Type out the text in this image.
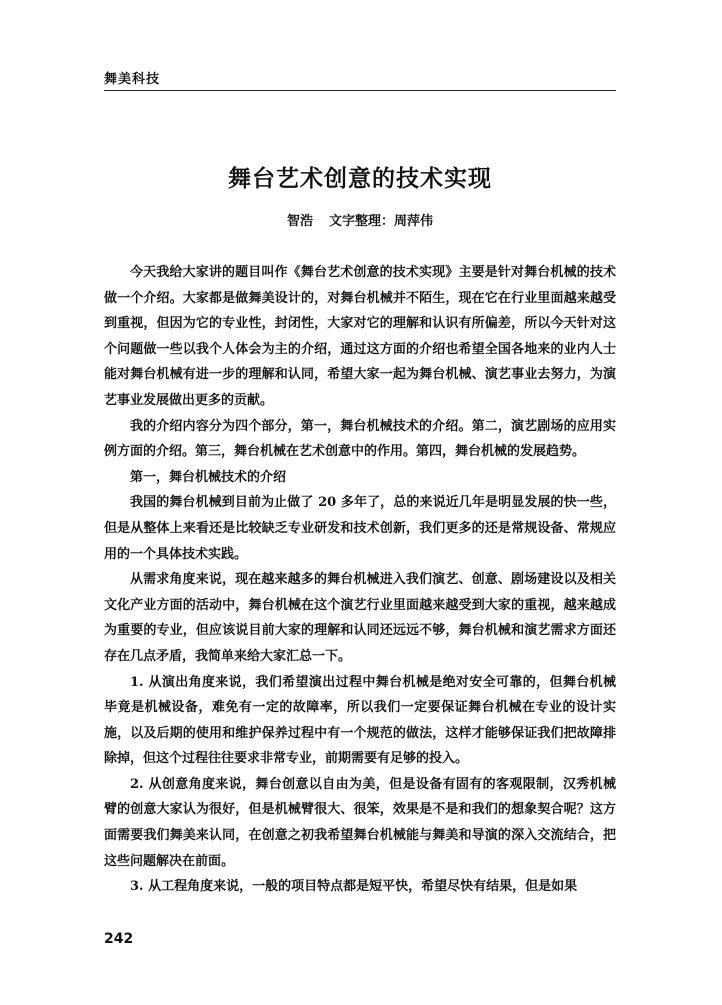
舞美科技
舞台艺术创意的技术实现
智浩 文字整理：周萍伟

今天我给大家讲的题目叫作《舞台艺术创意的技术实现》主要是针对舞台机械的技术做一个介绍。大家都是做舞美设计的，对舞台机械并不陌生，现在它在行业里面越来越受到重视，但因为它的专业性，封闭性，大家对它的理解和认识有所偏差，所以今天针对这个问题做一些以我个人体会为主的介绍，通过这方面的介绍也希望全国各地来的业内人士能对舞台机械有进一步的理解和认同，希望大家一起为舞台机械、演艺事业去努力，为演艺事业发展做出更多的贡献。

我的介绍内容分为四个部分，第一，舞台机械技术的介绍。第二，演艺剧场的应用实例方面的介绍。第三，舞台机械在艺术创意中的作用。第四，舞台机械的发展趋势。

第一，舞台机械技术的介绍

我国的舞台机械到目前为止做了 20 多年了，总的来说近几年是明显发展的快一些，但是从整体上来看还是比较缺乏专业研发和技术创新，我们更多的还是常规设备、常规应用的一个具体技术实践。

从需求角度来说，现在越来越多的舞台机械进入我们演艺、创意、剧场建设以及相关文化产业方面的活动中，舞台机械在这个演艺行业里面越来越受到大家的重视，越来越成为重要的专业，但应该说目前大家的理解和认同还远远不够，舞台机械和演艺需求方面还存在几点矛盾，我简单来给大家汇总一下。

1. 从演出角度来说，我们希望演出过程中舞台机械是绝对安全可靠的，但舞台机械毕竟是机械设备，难免有一定的故障率，所以我们一定要保证舞台机械在专业的设计实施，以及后期的使用和维护保养过程中有一个规范的做法，这样才能够保证我们把故障排除掉，但这个过程往往要求非常专业，前期需要有足够的投入。

2. 从创意角度来说，舞台创意以自由为美，但是设备有固有的客观限制，汉秀机械臂的创意大家认为很好，但是机械臂很大、很笨，效果是不是和我们的想象契合呢？这方面需要我们舞美来认同，在创意之初我希望舞台机械能与舞美和导演的深入交流结合，把这些问题解决在前面。

3. 从工程角度来说，一般的项目特点都是短平快，希望尽快有结果，但是如果

242
